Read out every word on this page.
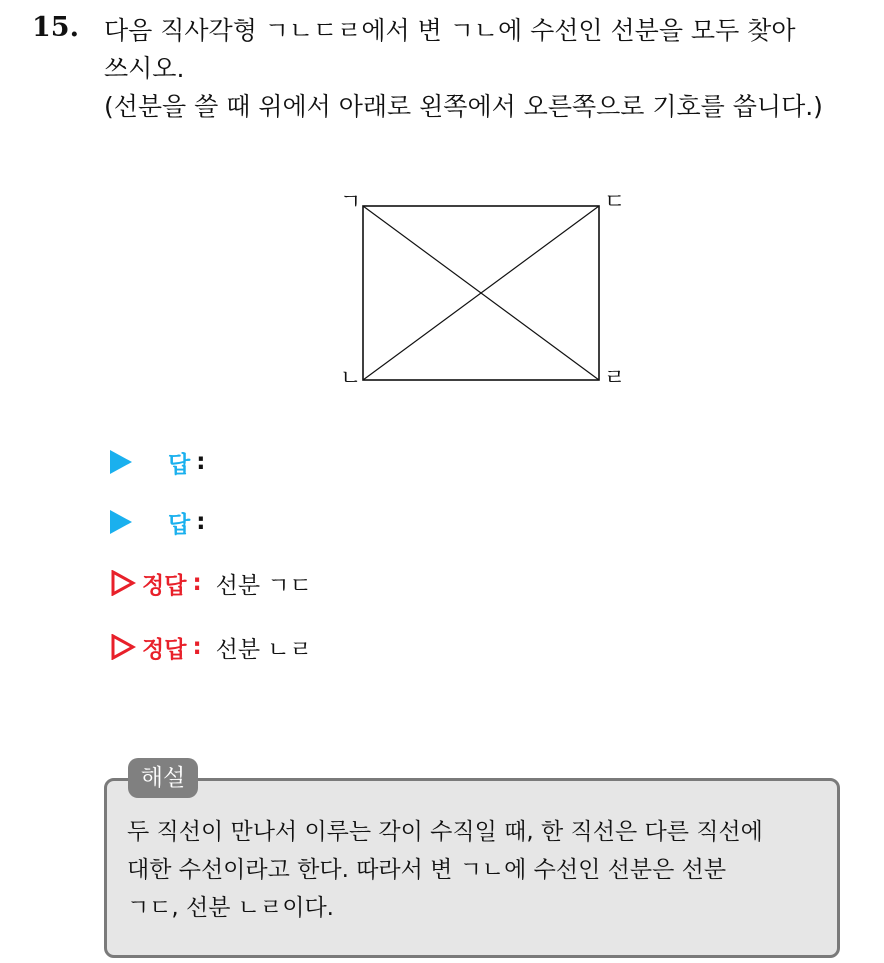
15. 다음 직사각형 ㄱㄴㄷㄹ에서 변 ㄱㄴ에 수선인 선분을 모두 찾아
쓰시오.
(선분을 쓸 때 위에서 아래로 왼쪽에서 오른쪽으로 기호를 씁니다.)
ㄱ
ㄴ
ㄷ
ㄹ
답 :
답 :
정답 : 선분 ㄱㄷ
정답 : 선분 ㄴㄹ
해설
두 직선이 만나서 이루는 각이 수직일 때, 한 직선은 다른 직선에
대한 수선이라고 한다. 따라서 변 ㄱㄴ에 수선인 선분은 선분
ㄱㄷ, 선분 ㄴㄹ이다.
